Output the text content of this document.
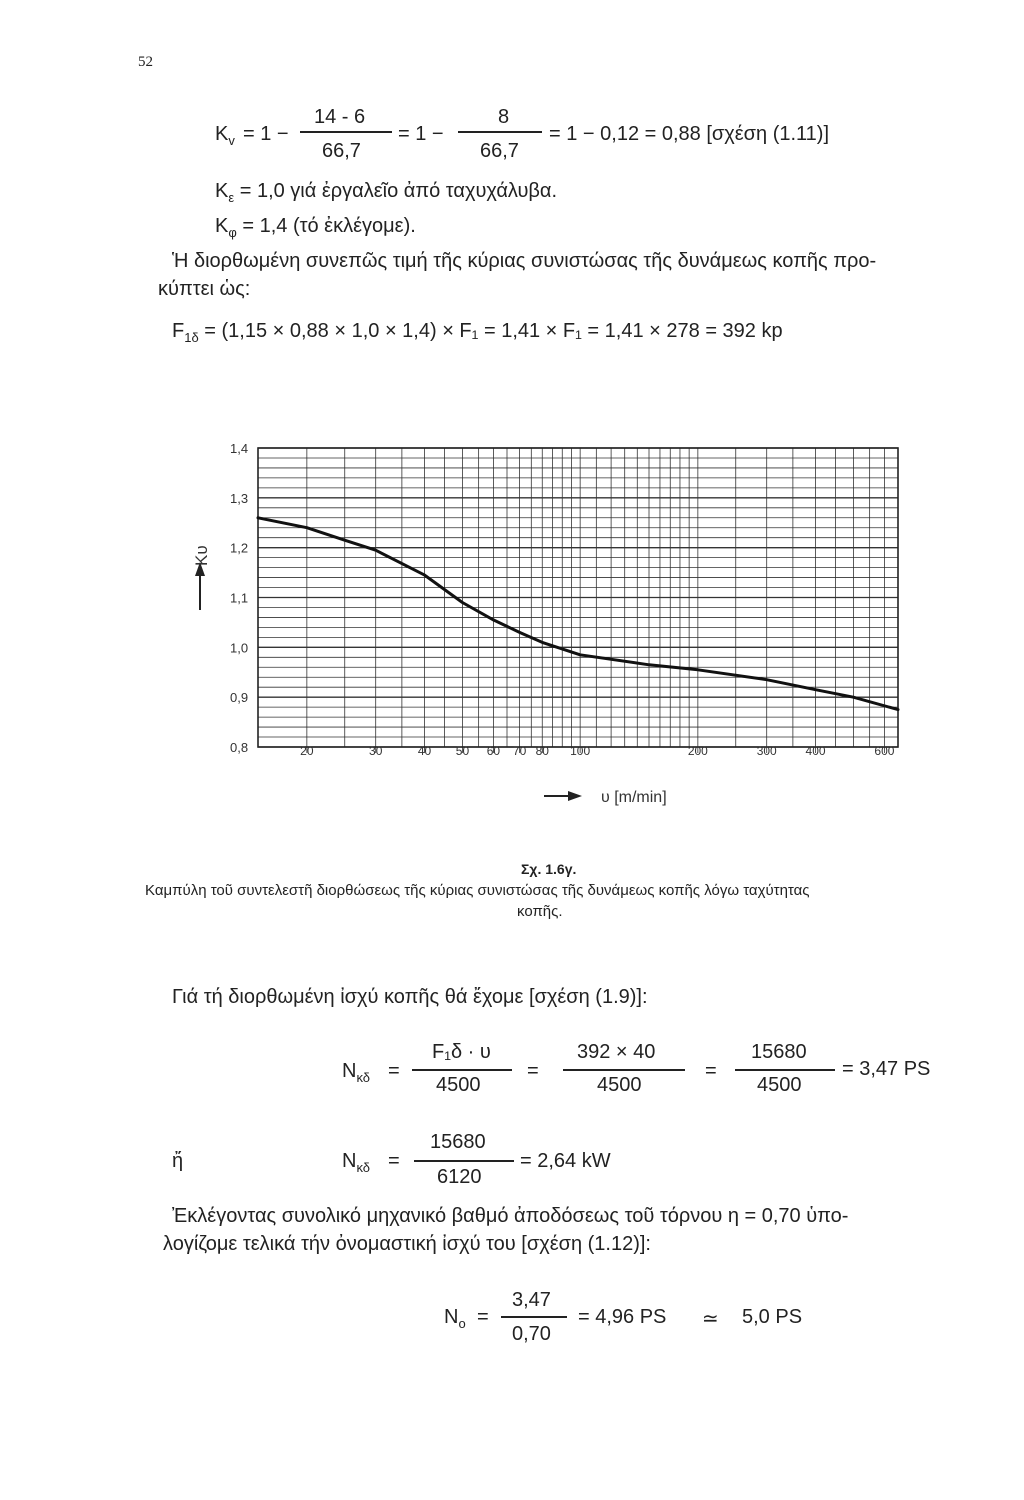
52
$K_v = 1$ −
14 - 6
66,7
= 1 −
8
66,7
= 1 − 0,12 = 0,88 [σχέση (1.11)]
$K_\varepsilon = 1,0$ γιά ἐργαλεῖο ἀπό ταχυχάλυβα.
$K_\varphi = 1,4$ (τό ἐκλέγομε).
Ἡ διορθωμένη συνεπῶς τιμή τῆς κύριας συνιστώσας τῆς δυνάμεως κοπῆς προ-
κύπτει ὡς:
$F_{1\delta} = (1,15 \times 0,88 \times 1,0 \times 1,4) \times F_1 = 1,41 \times F_1 = 1,41 \times 278 = 392$ kp
1,4
1,3
1,2
1,1
1,0
0,9
0,8	20	30	40 50 60 70 80 100	200	300 400	600
Kυ
υ [m/min]
Σχ. 1.6γ.
Καμπύλη τοῦ συντελεστῆ διορθώσεως τῆς κύριας συνιστώσας τῆς δυνάμεως κοπῆς λόγω ταχύτητας
κοπῆς.
Γιά τή διορθωμένη ἰσχύ κοπῆς θά ἔχομε [σχέση (1.9)]:
$N_{\kappa\delta}$ =
F₁δ · υ
4500
=
392 × 40
4500
=
15680
4500
= 3,47 PS
ἤ	$N_{\kappa\delta}$ =
15680
6120
= 2,64 kW
Ἐκλέγοντας συνολικό μηχανικό βαθμό ἀποδόσεως τοῦ τόρνου η = 0,70 ὑπο-
λογίζομε τελικά τήν ὀνομαστική ἰσχύ του [σχέση (1.12)]:
$N_o$ =
3,47
0,70
= 4,96 PS ≃ 5,0 PS
